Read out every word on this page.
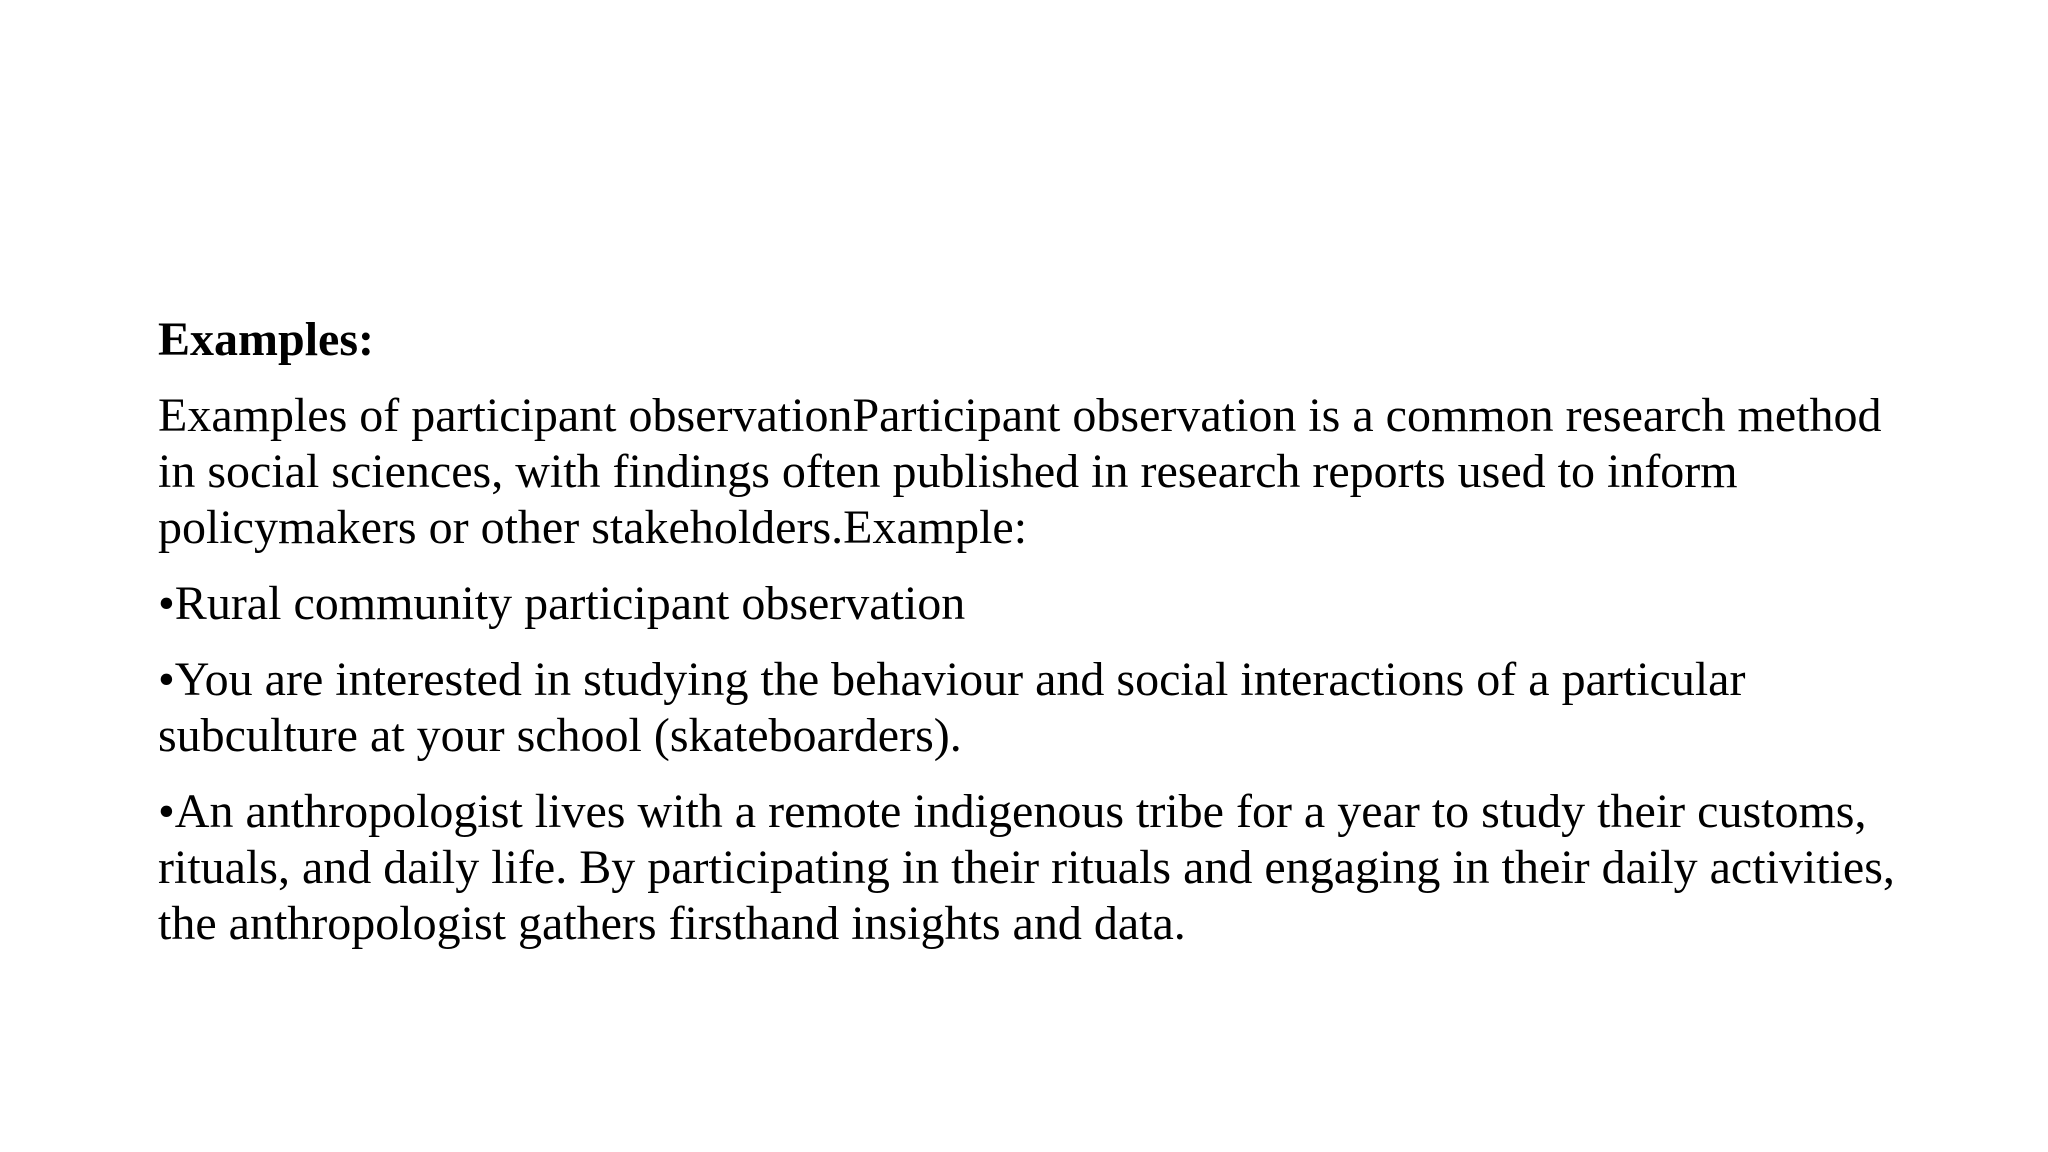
Examples:

Examples of participant observationParticipant observation is a common research method in social sciences, with findings often published in research reports used to inform policymakers or other stakeholders.Example:

•Rural community participant observation

•You are interested in studying the behaviour and social interactions of a particular subculture at your school (skateboarders).

•An anthropologist lives with a remote indigenous tribe for a year to study their customs, rituals, and daily life. By participating in their rituals and engaging in their daily activities, the anthropologist gathers firsthand insights and data.
